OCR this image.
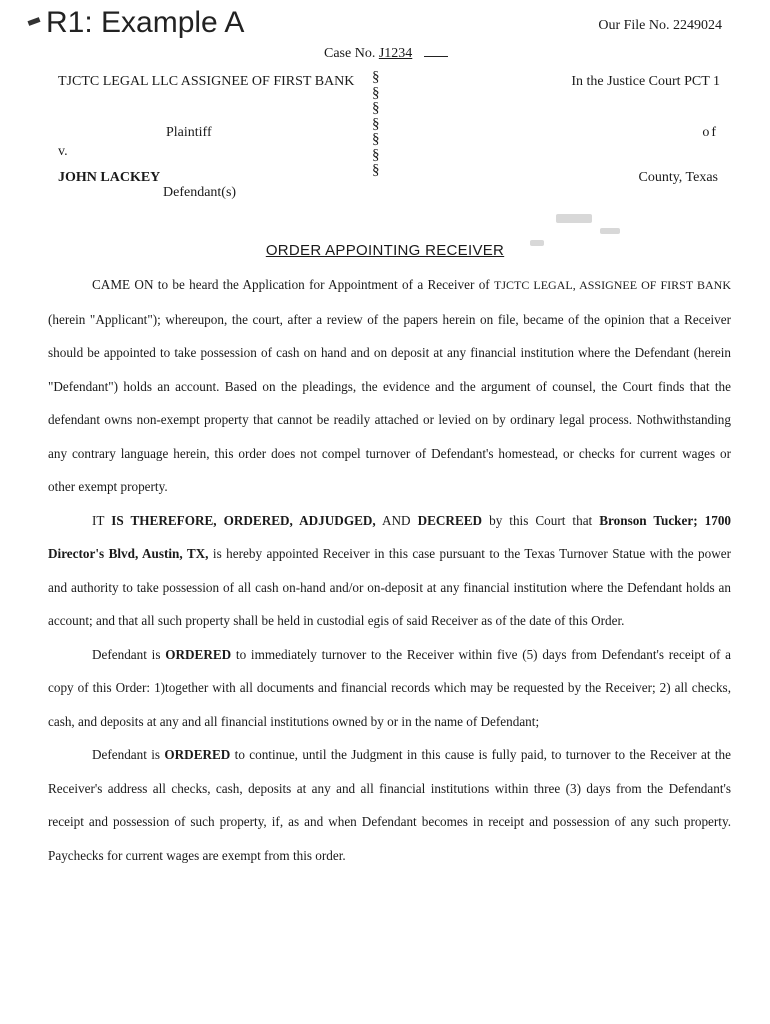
R1: Example A	Our File No. 2249024
Case No. J1234
TJCTC LEGAL LLC ASSIGNEE OF FIRST BANK
Plaintiff
v.
JOHN LACKEY
Defendant(s)
§
§
§
§
§
§
§
In the Justice Court PCT 1
of
County, Texas
ORDER APPOINTING RECEIVER

CAME ON to be heard the Application for Appointment of a Receiver of TJCTC LEGAL, ASSIGNEE OF FIRST BANK (herein "Applicant"); whereupon, the court, after a review of the papers herein on file, became of the opinion that a Receiver should be appointed to take possession of cash on hand and on deposit at any financial institution where the Defendant (herein "Defendant") holds an account. Based on the pleadings, the evidence and the argument of counsel, the Court finds that the defendant owns non-exempt property that cannot be readily attached or levied on by ordinary legal process. Nothwithstanding any contrary language herein, this order does not compel turnover of Defendant's homestead, or checks for current wages or other exempt property.

IT IS THEREFORE, ORDERED, ADJUDGED, AND DECREED by this Court that Bronson Tucker; 1700 Director's Blvd, Austin, TX, is hereby appointed Receiver in this case pursuant to the Texas Turnover Statue with the power and authority to take possession of all cash on-hand and/or on-deposit at any financial institution where the Defendant holds an account; and that all such property shall be held in custodial egis of said Receiver as of the date of this Order.

Defendant is ORDERED to immediately turnover to the Receiver within five (5) days from Defendant's receipt of a copy of this Order: 1)together with all documents and financial records which may be requested by the Receiver; 2) all checks, cash, and deposits at any and all financial institutions owned by or in the name of Defendant;

Defendant is ORDERED to continue, until the Judgment in this cause is fully paid, to turnover to the Receiver at the Receiver's address all checks, cash, deposits at any and all financial institutions within three (3) days from the Defendant's receipt and possession of such property, if, as and when Defendant becomes in receipt and possession of any such property. Paychecks for current wages are exempt from this order.
